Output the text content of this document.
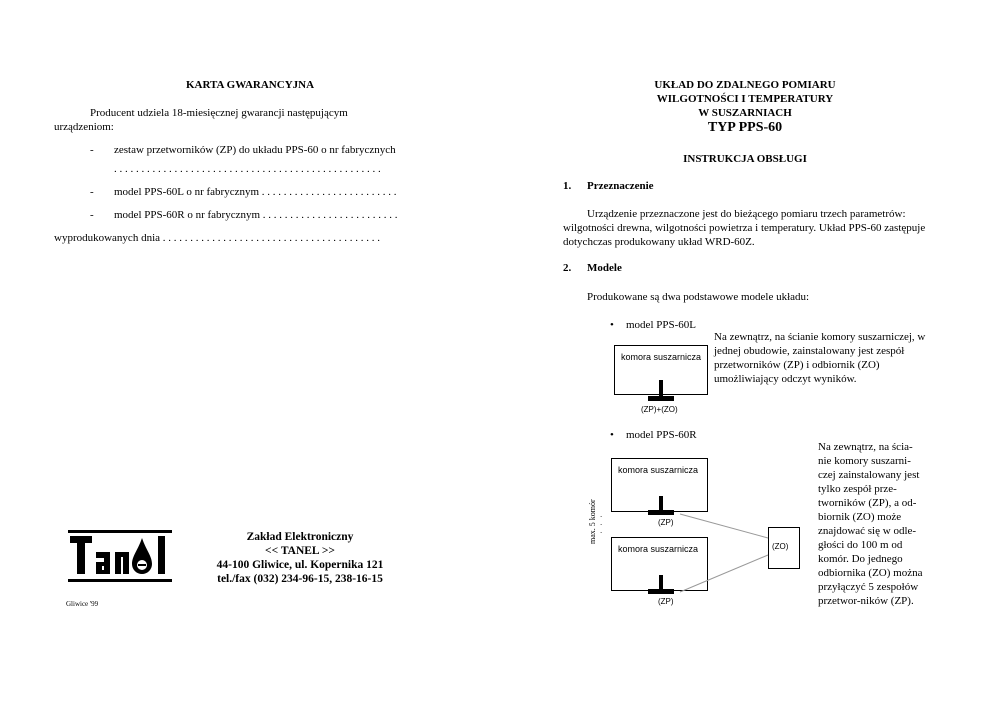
KARTA GWARANCYJNA
Producent udziela 18-miesięcznej gwarancji następującym urządzeniom:
- zestaw przetworników (ZP) do układu PPS-60 o nr fabrycznych
. . . . . . . . . . . . . . . . . . . . . . . . . . . . . . . . . . . . . . . . . . . . . . . . .
- model PPS-60L o nr fabrycznym . . . . . . . . . . . . . . . . . . . . . . . . .
- model PPS-60R o nr fabrycznym . . . . . . . . . . . . . . . . . . . . . . . . .
wyprodukowanych dnia . . . . . . . . . . . . . . . . . . . . . . . . . . . . . . . . . . . . . . . .
Zakład Elektroniczny
<< TANEL >>
44-100 Gliwice, ul. Kopernika 121
tel./fax (032) 234-96-15, 238-16-15
Gliwice '99
UKŁAD DO ZDALNEGO POMIARU
WILGOTNOŚCI I TEMPERATURY
W SUSZARNIACH
TYP PPS-60
INSTRUKCJA OBSŁUGI
1. Przeznaczenie
Urządzenie przeznaczone jest do bieżącego pomiaru trzech parametrów: wilgotności drewna, wilgotności powietrza i temperatury. Układ PPS-60 zastępuje dotychczas produkowany układ WRD-60Z.
2. Modele
Produkowane są dwa podstawowe modele układu:
• model PPS-60L
Na zewnątrz, na ścianie komory suszarniczej, w jednej obudowie, zainstalowany jest zespół przetworników (ZP) i odbiornik (ZO) umożliwiający odczyt wyników.
komora suszarnicza
(ZP)+(ZO)
• model PPS-60R
Na zewnątrz, na ścia-nie komory suszarni-czej zainstalowany jest tylko zespół prze-tworników (ZP), a od-biornik (ZO) może znajdować się w odle-głości do 100 m od komór. Do jednego odbiornika (ZO) można przyłączyć 5 zespołów przetwor-ników (ZP).
komora suszarnicza
(ZP)
komora suszarnicza
(ZP)
(ZO)
max. 5 komór .
.
.
